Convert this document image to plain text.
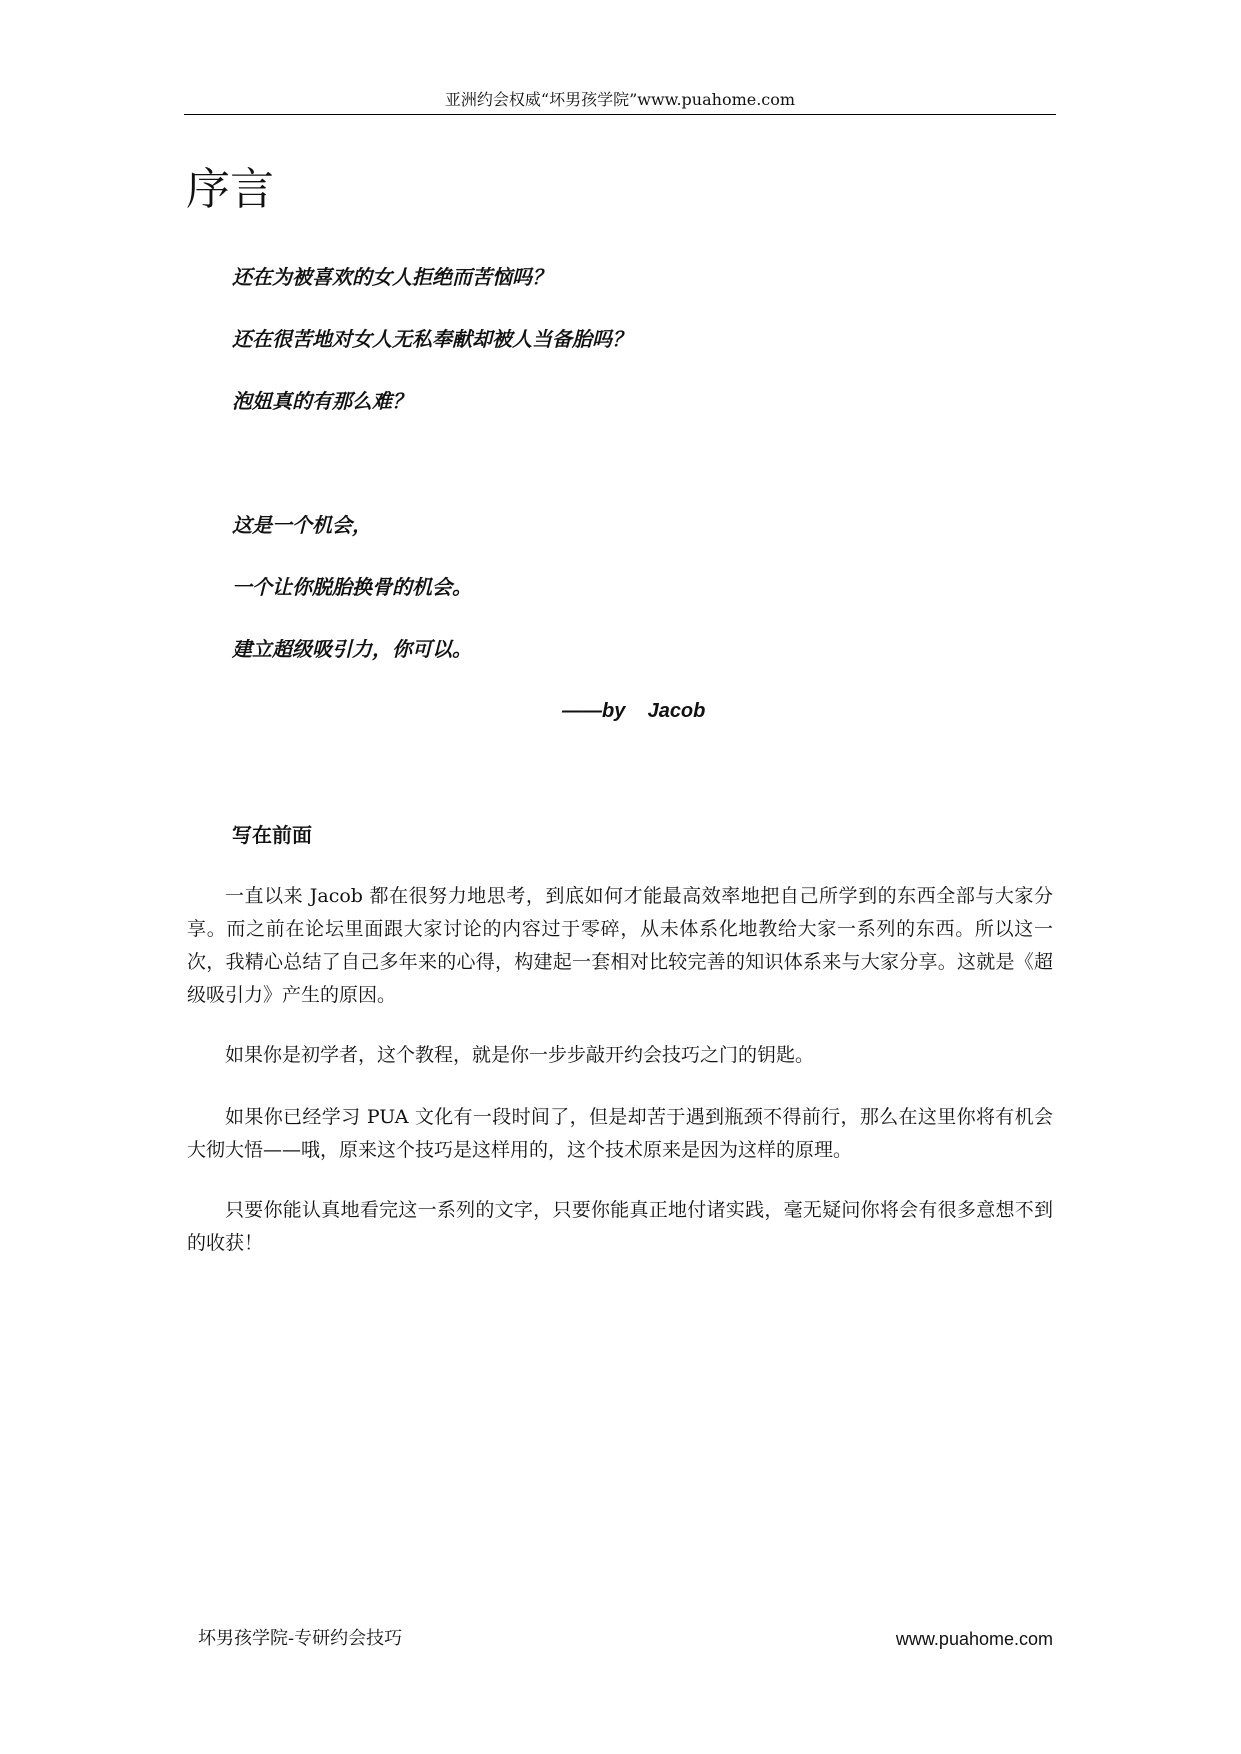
亚洲约会权威“坏男孩学院”www.puahome.com
序言
还在为被喜欢的女人拒绝而苦恼吗？
还在很苦地对女人无私奉献却被人当备胎吗？
泡妞真的有那么难？
这是一个机会，
一个让你脱胎换骨的机会。
建立超级吸引力，你可以。
——by    Jacob
写在前面

一直以来 Jacob 都在很努力地思考，到底如何才能最高效率地把自己所学到的东西全部与大家分享。而之前在论坛里面跟大家讨论的内容过于零碎，从未体系化地教给大家一系列的东西。所以这一次，我精心总结了自己多年来的心得，构建起一套相对比较完善的知识体系来与大家分享。这就是《超级吸引力》产生的原因。

如果你是初学者，这个教程，就是你一步步敲开约会技巧之门的钥匙。

如果你已经学习 PUA 文化有一段时间了，但是却苦于遇到瓶颈不得前行，那么在这里你将有机会大彻大悟——哦，原来这个技巧是这样用的，这个技术原来是因为这样的原理。

只要你能认真地看完这一系列的文字，只要你能真正地付诸实践，毫无疑问你将会有很多意想不到的收获！

坏男孩学院-专研约会技巧	www.puahome.com
